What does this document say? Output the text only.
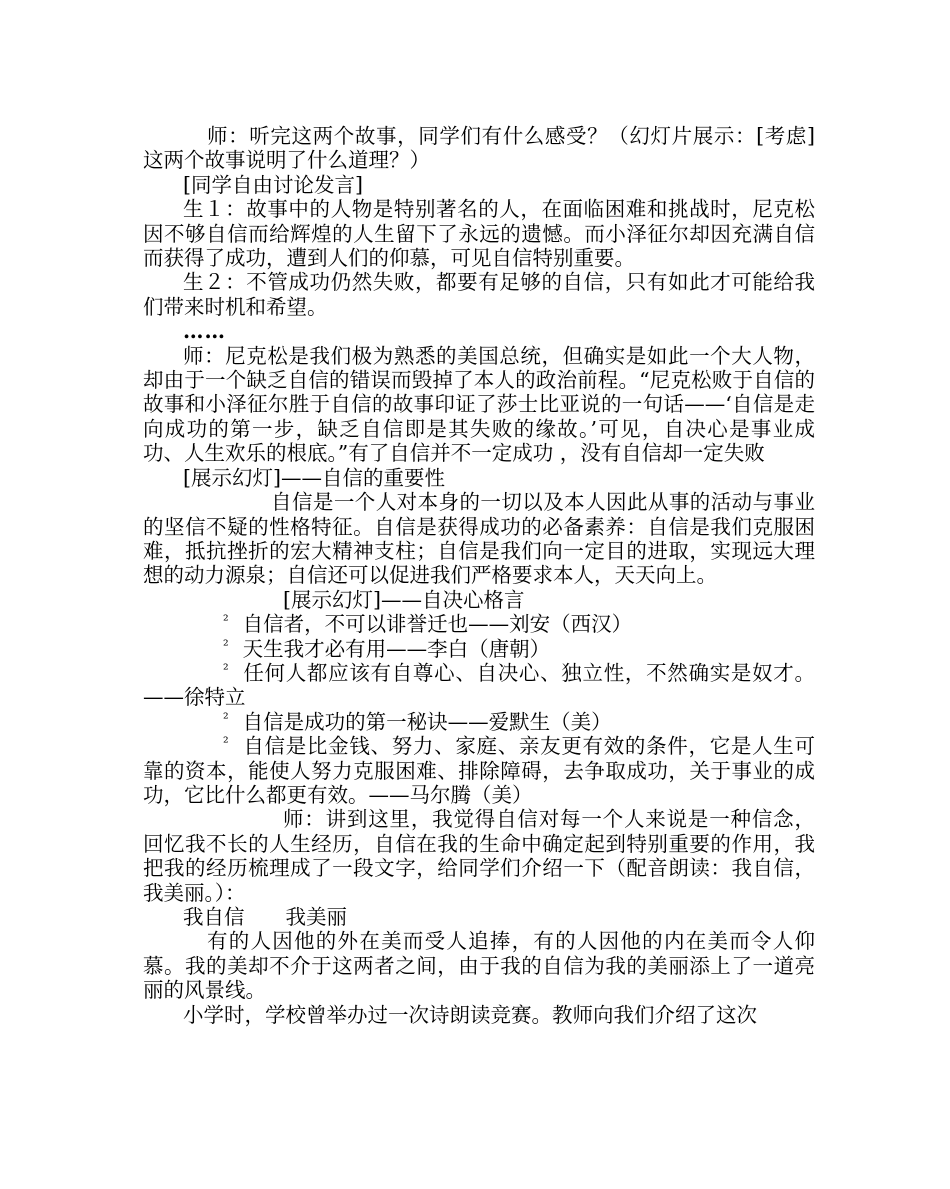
师：听完这两个故事，同学们有什么感受？（幻灯片展示：[考虑]这两个故事说明了什么道理？）

[同学自由讨论发言]

生１：故事中的人物是特别著名的人，在面临困难和挑战时，尼克松因不够自信而给辉煌的人生留下了永远的遗憾。而小泽征尔却因充满自信而获得了成功，遭到人们的仰慕，可见自信特别重要。

生２：不管成功仍然失败，都要有足够的自信，只有如此才可能给我们带来时机和希望。

……

师：尼克松是我们极为熟悉的美国总统，但确实是如此一个大人物，却由于一个缺乏自信的错误而毁掉了本人的政治前程。“尼克松败于自信的故事和小泽征尔胜于自信的故事印证了莎士比亚说的一句话——‘自信是走向成功的第一步，缺乏自信即是其失败的缘故。’可见，自决心是事业成功、人生欢乐的根底。”有了自信并不一定成功 ，没有自信却一定失败

[展示幻灯]——自信的重要性

自信是一个人对本身的一切以及本人因此从事的活动与事业的坚信不疑的性格特征。自信是获得成功的必备素养：自信是我们克服困难，抵抗挫折的宏大精神支柱；自信是我们向一定目的进取，实现远大理想的动力源泉；自信还可以促进我们严格要求本人，天天向上。

[展示幻灯]——自决心格言

² 自信者，不可以诽誉迁也——刘安（西汉）

² 天生我才必有用——李白（唐朝）

² 任何人都应该有自尊心、自决心、独立性，不然确实是奴才。——徐特立

² 自信是成功的第一秘诀——爱默生（美）

² 自信是比金钱、努力、家庭、亲友更有效的条件，它是人生可靠的资本，能使人努力克服困难、排除障碍，去争取成功，关于事业的成功，它比什么都更有效。——马尔腾（美）

师：讲到这里，我觉得自信对每一个人来说是一种信念，回忆我不长的人生经历，自信在我的生命中确定起到特别重要的作用，我把我的经历梳理成了一段文字，给同学们介绍一下（配音朗读：我自信，我美丽。）：

我自信　　我美丽

有的人因他的外在美而受人追捧，有的人因他的内在美而令人仰慕。我的美却不介于这两者之间，由于我的自信为我的美丽添上了一道亮丽的风景线。

小学时，学校曾举办过一次诗朗读竞赛。教师向我们介绍了这次
